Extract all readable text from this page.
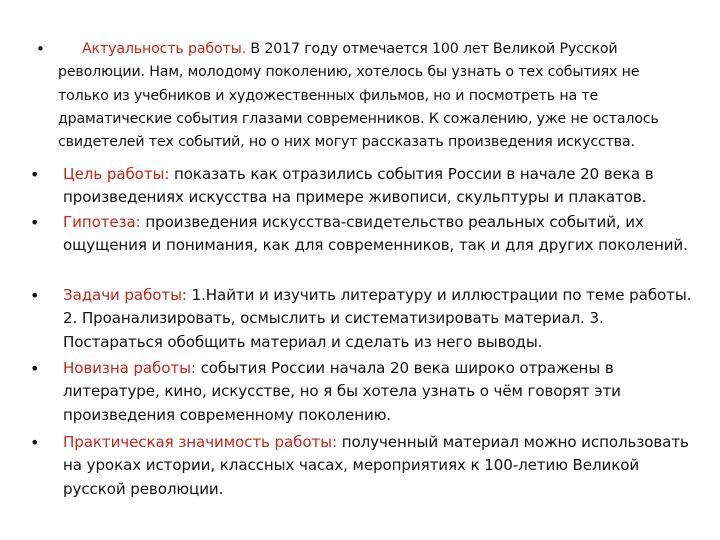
•	Актуальность работы. В 2017 году отмечается 100 лет Великой Русской революции. Нам, молодому поколению, хотелось бы узнать о тех событиях не только из учебников и художественных фильмов, но и посмотреть на те драматические события глазами современников. К сожалению, уже не осталось свидетелей тех событий, но о них могут рассказать произведения искусства.
• Цель работы: показать как отразились события России в начале 20 века в произведениях искусства на примере живописи, скульптуры и плакатов.
• Гипотеза: произведения искусства-свидетельство реальных событий, их ощущения и понимания, как для современников, так и для других поколений.
• Задачи работы: 1.Найти и изучить литературу и иллюстрации по теме работы. 2. Проанализировать, осмыслить и систематизировать материал. 3. Постараться обобщить материал и сделать из него выводы.
• Новизна работы: события России начала 20 века широко отражены в литературе, кино, искусстве, но я бы хотела узнать о чём говорят эти произведения современному поколению.
• Практическая значимость работы: полученный материал можно использовать на уроках истории, классных часах, мероприятиях к 100-летию Великой русской революции.
